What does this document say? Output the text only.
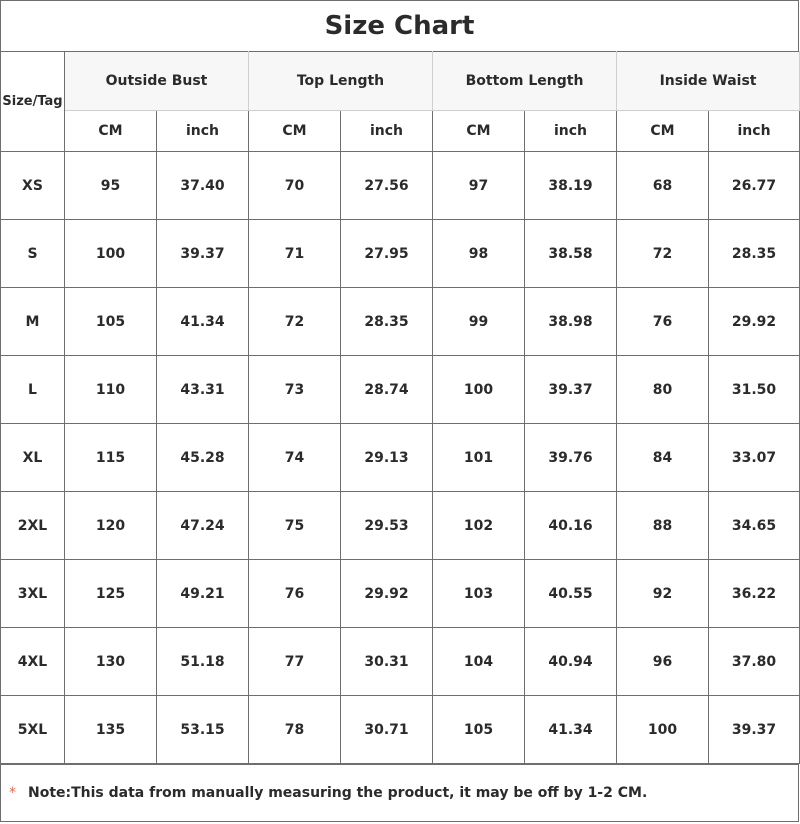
Size Chart
Size/Tag	Outside Bust		Top Length		Bottom Length		Inside Waist	
	CM	inch	CM	inch	CM	inch	CM	inch
XS	95	37.40	70	27.56	97	38.19	68	26.77
S	100	39.37	71	27.95	98	38.58	72	28.35
M	105	41.34	72	28.35	99	38.98	76	29.92
L	110	43.31	73	28.74	100	39.37	80	31.50
XL	115	45.28	74	29.13	101	39.76	84	33.07
2XL	120	47.24	75	29.53	102	40.16	88	34.65
3XL	125	49.21	76	29.92	103	40.55	92	36.22
4XL	130	51.18	77	30.31	104	40.94	96	37.80
5XL	135	53.15	78	30.71	105	41.34	100	39.37
* Note:This data from manually measuring the product, it may be off by 1-2 CM.
